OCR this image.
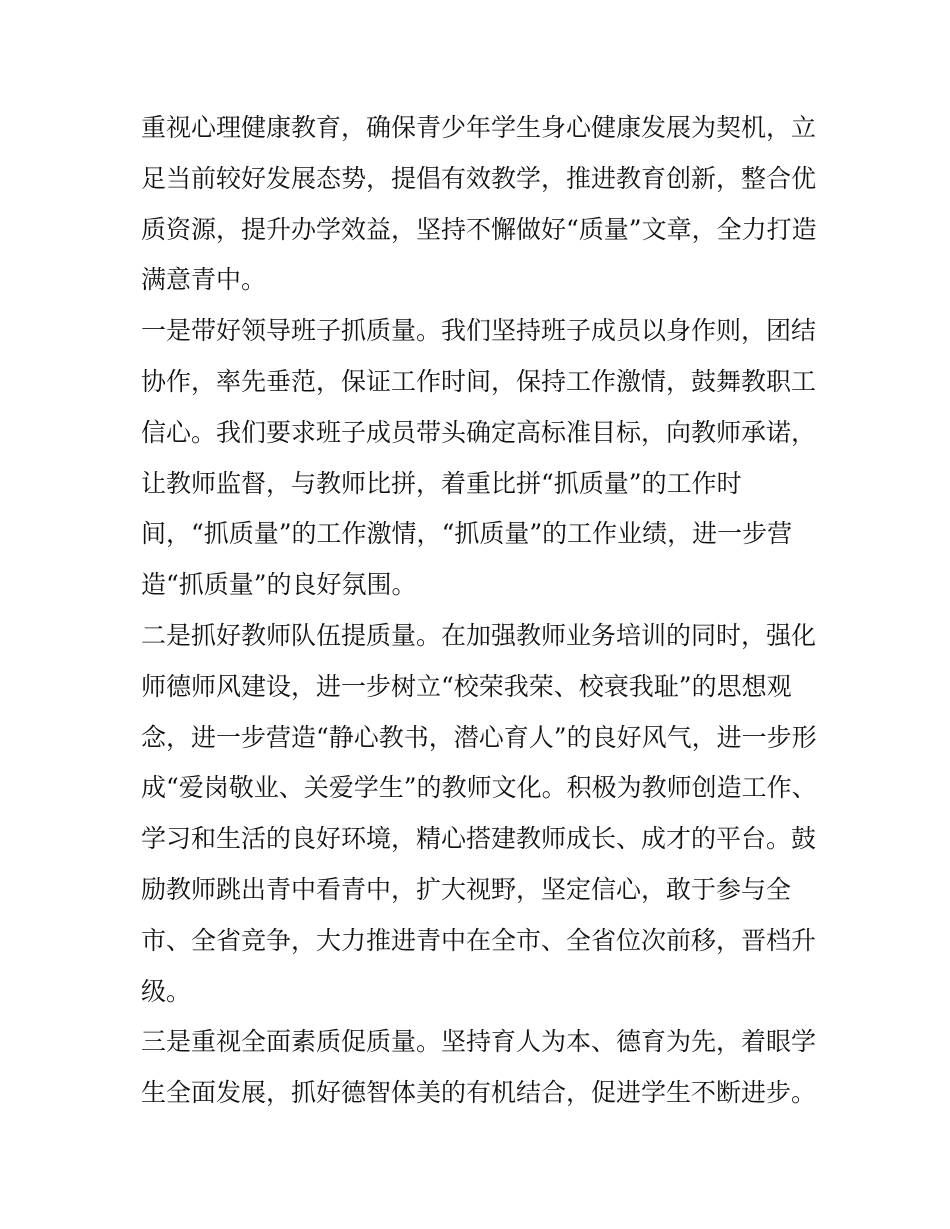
重视心理健康教育，确保青少年学生身心健康发展为契机，立
足当前较好发展态势，提倡有效教学，推进教育创新，整合优
质资源，提升办学效益，坚持不懈做好“质量”文章，全力打造
满意青中。
一是带好领导班子抓质量。我们坚持班子成员以身作则，团结
协作，率先垂范，保证工作时间，保持工作激情，鼓舞教职工
信心。我们要求班子成员带头确定高标准目标，向教师承诺，
让教师监督，与教师比拼，着重比拼“抓质量”的工作时
间，“抓质量”的工作激情，“抓质量”的工作业绩，进一步营
造“抓质量”的良好氛围。
二是抓好教师队伍提质量。在加强教师业务培训的同时，强化
师德师风建设，进一步树立“校荣我荣、校衰我耻”的思想观
念，进一步营造“静心教书，潜心育人”的良好风气，进一步形
成“爱岗敬业、关爱学生”的教师文化。积极为教师创造工作、
学习和生活的良好环境，精心搭建教师成长、成才的平台。鼓
励教师跳出青中看青中，扩大视野，坚定信心，敢于参与全
市、全省竞争，大力推进青中在全市、全省位次前移，晋档升
级。
三是重视全面素质促质量。坚持育人为本、德育为先，着眼学
生全面发展，抓好德智体美的有机结合，促进学生不断进步。
